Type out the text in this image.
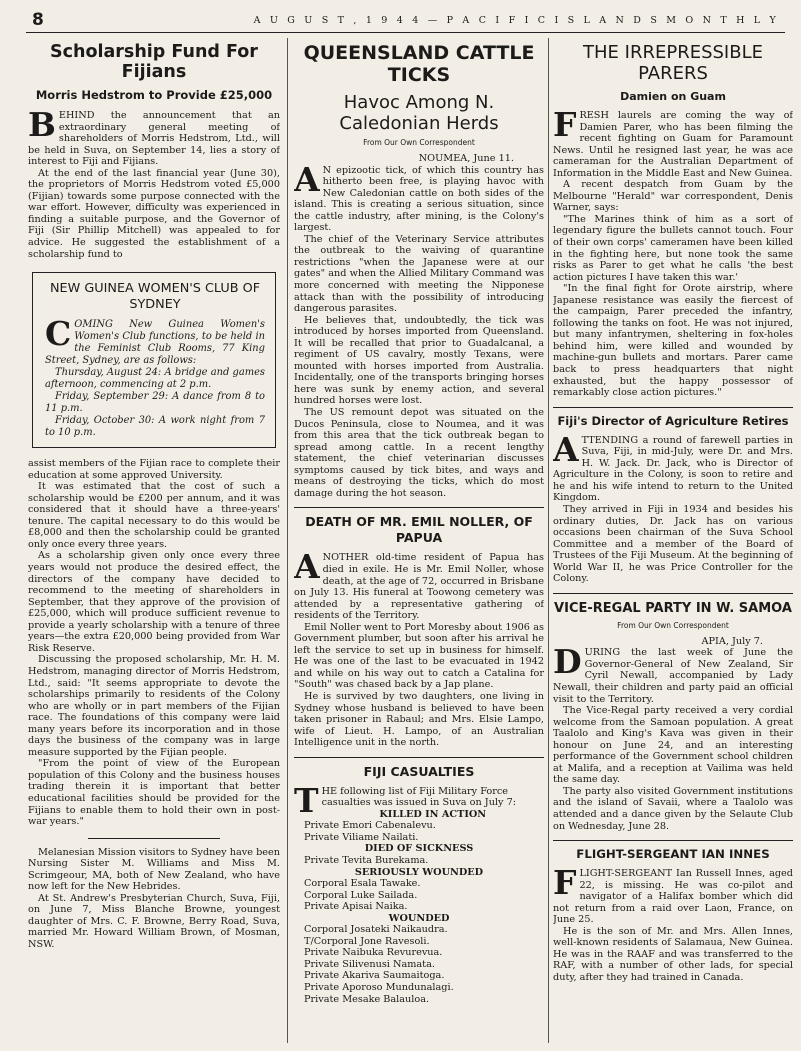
8	A U G U S T , 1 9 4 4 — P A C I F I C I S L A N D S M O N T H L Y
Scholarship Fund For Fijians
Morris Hedstrom to Provide £25,000

BEHIND the announcement that an extraordinary general meeting of shareholders of Morris Hedstrom, Ltd., will be held in Suva, on September 14, lies a story of interest to Fiji and Fijians.

At the end of the last financial year (June 30), the proprietors of Morris Hedstrom voted £5,000 (Fijian) towards some purpose connected with the war effort. However, difficulty was experienced in finding a suitable purpose, and the Governor of Fiji (Sir Phillip Mitchell) was appealed to for advice. He suggested the establishment of a scholarship fund to

NEW GUINEA WOMEN'S CLUB OF SYDNEY

COMING New Guinea Women's Women's Club functions, to be held in the Feminist Club Rooms, 77 King Street, Sydney, are as follows:

Thursday, August 24: A bridge and games afternoon, commencing at 2 p.m.

Friday, September 29: A dance from 8 to 11 p.m.

Friday, October 30: A work night from 7 to 10 p.m.

assist members of the Fijian race to complete their education at some approved University.

It was estimated that the cost of such a scholarship would be £200 per annum, and it was considered that it should have a three-years' tenure. The capital necessary to do this would be £8,000 and then the scholarship could be granted only once every three years.

As a scholarship given only once every three years would not produce the desired effect, the directors of the company have decided to recommend to the meeting of shareholders in September, that they approve of the provision of £25,000, which will produce sufficient revenue to provide a yearly scholarship with a tenure of three years—the extra £20,000 being provided from War Risk Reserve.

Discussing the proposed scholarship, Mr. H. M. Hedstrom, managing director of Morris Hedstrom, Ltd., said: "It seems appropriate to devote the scholarships primarily to residents of the Colony who are wholly or in part members of the Fijian race. The foundations of this company were laid many years before its incorporation and in those days the business of the company was in large measure supported by the Fijian people.

"From the point of view of the European population of this Colony and the business houses trading therein it is important that better educational facilities should be provided for the Fijians to enable them to hold their own in post-war years."

Melanesian Mission visitors to Sydney have been Nursing Sister M. Williams and Miss M. Scrimgeour, MA, both of New Zealand, who have now left for the New Hebrides.

At St. Andrew's Presbyterian Church, Suva, Fiji, on June 7, Miss Blanche Browne, youngest daughter of Mrs. C. F. Browne, Berry Road, Suva, married Mr. Howard William Brown, of Mosman, NSW.

QUEENSLAND CATTLE TICKS
Havoc Among N. Caledonian Herds
From Our Own Correspondent

NOUMEA, June 11.

A N epizootic tick, of which this country has hitherto been free, is playing havoc with New Caledonian cattle on both sides of the island. This is creating a serious situation, since the cattle industry, after mining, is the Colony's largest.

The chief of the Veterinary Service attributes the outbreak to the waiving of quarantine restrictions "when the Japanese were at our gates" and when the Allied Military Command was more concerned with meeting the Nipponese attack than with the possibility of introducing dangerous parasites.

He believes that, undoubtedly, the tick was introduced by horses imported from Queensland. It will be recalled that prior to Guadalcanal, a regiment of US cavalry, mostly Texans, were mounted with horses imported from Australia. Incidentally, one of the transports bringing horses here was sunk by enemy action, and several hundred horses were lost.

The US remount depot was situated on the Ducos Peninsula, close to Noumea, and it was from this area that the tick outbreak began to spread among cattle. In a recent lengthy statement, the chief veterinarian discusses symptoms caused by tick bites, and ways and means of destroying the ticks, which do most damage during the hot season.

DEATH OF MR. EMIL NOLLER, OF PAPUA

ANOTHER old-time resident of Papua has died in exile. He is Mr. Emil Noller, whose death, at the age of 72, occurred in Brisbane on July 13. His funeral at Toowong cemetery was attended by a representative gathering of residents of the Territory.

Emil Noller went to Port Moresby about 1906 as Government plumber, but soon after his arrival he left the service to set up in business for himself. He was one of the last to be evacuated in 1942 and while on his way out to catch a Catalina for "South" was chased back by a Jap plane.

He is survived by two daughters, one living in Sydney whose husband is believed to have been taken prisoner in Rabaul; and Mrs. Elsie Lampo, wife of Lieut. H. Lampo, of an Australian Intelligence unit in the north.

FIJI CASUALTIES

THE following list of Fiji Military Force casualties was issued in Suva on July 7:

KILLED IN ACTION

Private Emori Cabenalevu.

Private Viliame Nailati.

DIED OF SICKNESS

Private Tevita Burekama.

SERIOUSLY WOUNDED

Corporal Esala Tawake.

Corporal Luke Sailada.

Private Apisai Naika.

WOUNDED

Corporal Josateki Naikaudra.

T/Corporal Jone Ravesoli.

Private Naibuka Revurevua.

Private Silivenusi Namata.

Private Akariva Saumaitoga.

Private Aporoso Mundunalagi.

Private Mesake Balauloa.

THE IRREPRESSIBLE PARERS
Damien on Guam

FRESH laurels are coming the way of Damien Parer, who has been filming the recent fighting on Guam for Paramount News. Until he resigned last year, he was ace cameraman for the Australian Department of Information in the Middle East and New Guinea.

A recent despatch from Guam by the Melbourne "Herald" war correspondent, Denis Warner, says:

"The Marines think of him as a sort of legendary figure the bullets cannot touch. Four of their own corps' cameramen have been killed in the fighting here, but none took the same risks as Parer to get what he calls 'the best action pictures I have taken this war.'

"In the final fight for Orote airstrip, where Japanese resistance was easily the fiercest of the campaign, Parer preceded the infantry, following the tanks on foot. He was not injured, but many infantrymen, sheltering in fox-holes behind him, were killed and wounded by machine-gun bullets and mortars. Parer came back to press headquarters that night exhausted, but the happy possessor of remarkably close action pictures."

Fiji's Director of Agriculture Retires

ATTENDING a round of farewell parties in Suva, Fiji, in mid-July, were Dr. and Mrs. H. W. Jack. Dr. Jack, who is Director of Agriculture in the Colony, is soon to retire and he and his wife intend to return to the United Kingdom.

They arrived in Fiji in 1934 and besides his ordinary duties, Dr. Jack has on various occasions been chairman of the Suva School Committee and a member of the Board of Trustees of the Fiji Museum. At the beginning of World War II, he was Price Controller for the Colony.

VICE-REGAL PARTY IN W. SAMOA
From Our Own Correspondent

APIA, July 7.

DURING the last week of June the Governor-General of New Zealand, Sir Cyril Newall, accompanied by Lady Newall, their children and party paid an official visit to the Territory.

The Vice-Regal party received a very cordial welcome from the Samoan population. A great Taalolo and King's Kava was given in their honour on June 24, and an interesting performance of the Government school children at Malifa, and a reception at Vailima was held the same day.

The party also visited Government institutions and the island of Savaii, where a Taalolo was attended and a dance given by the Selaute Club on Wednesday, June 28.

FLIGHT-SERGEANT IAN INNES

FLIGHT-SERGEANT Ian Russell Innes, aged 22, is missing. He was co-pilot and navigator of a Halifax bomber which did not return from a raid over Laon, France, on June 25.

He is the son of Mr. and Mrs. Allen Innes, well-known residents of Salamaua, New Guinea. He was in the RAAF and was transferred to the RAF, with a number of other lads, for special duty, after they had trained in Canada.
